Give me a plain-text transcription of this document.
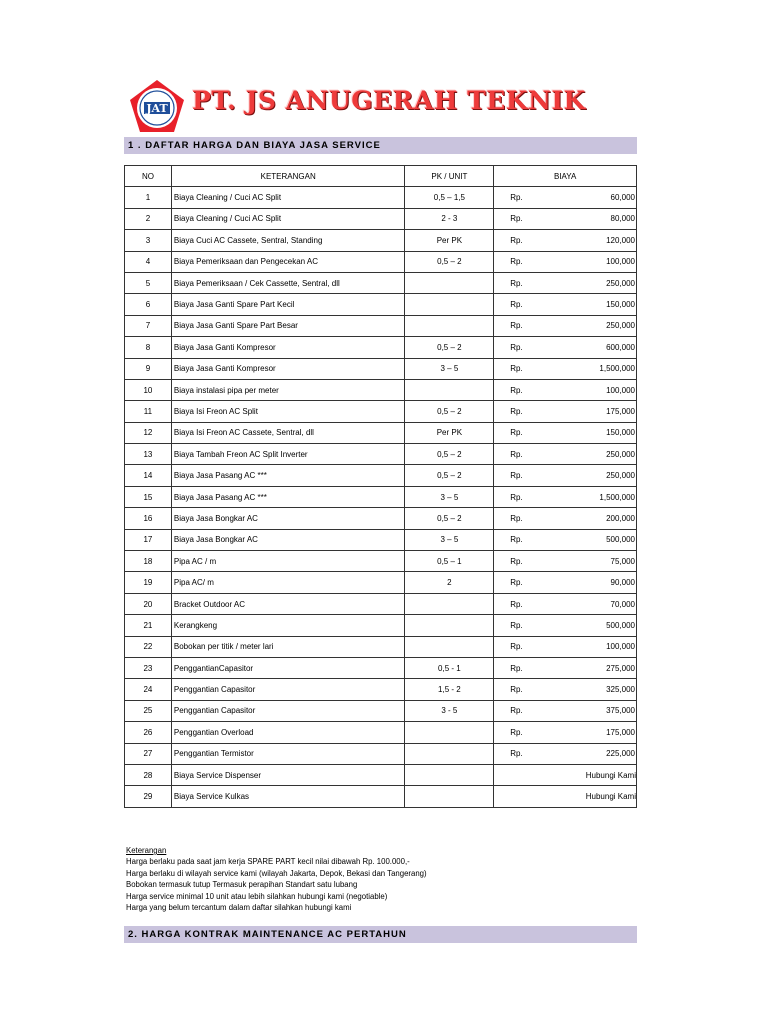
JAT PT. JS ANUGERAH TEKNIK
1 . DAFTAR HARGA DAN BIAYA JASA SERVICE
NO	KETERANGAN	PK / UNIT	BIAYA
1	Biaya Cleaning / Cuci AC Split	0,5 – 1,5	Rp. 60,000

2	Biaya Cleaning / Cuci AC Split	2 - 3	Rp. 80,000

3	Biaya Cuci AC Cassete, Sentral, Standing	Per PK	Rp. 120,000

4	Biaya Pemeriksaan dan Pengecekan AC	0,5 – 2	Rp. 100,000

5	Biaya Pemeriksaan / Cek Cassette, Sentral, dll		Rp. 250,000

6	Biaya Jasa Ganti Spare Part Kecil		Rp. 150,000

7	Biaya Jasa Ganti Spare Part Besar		Rp. 250,000

8	Biaya Jasa Ganti Kompresor	0,5 – 2	Rp. 600,000

9	Biaya Jasa Ganti Kompresor	3 – 5	Rp. 1,500,000

10	Biaya instalasi pipa per meter		Rp. 100,000

11	Biaya Isi Freon AC Split	0,5 – 2	Rp. 175,000

12	Biaya Isi Freon AC Cassete, Sentral, dll	Per PK	Rp. 150,000

13	Biaya Tambah Freon AC Split Inverter	0,5 – 2	Rp. 250,000

14	Biaya Jasa Pasang AC ***	0,5 – 2	Rp. 250,000

15	Biaya Jasa Pasang AC ***	3 – 5	Rp. 1,500,000

16	Biaya Jasa Bongkar AC	0,5 – 2	Rp. 200,000

17	Biaya Jasa Bongkar AC	3 – 5	Rp. 500,000

18	Pipa AC / m	0,5 – 1	Rp. 75,000

19	Pipa AC/ m	2	Rp. 90,000

20	Bracket Outdoor AC		Rp. 70,000

21	Kerangkeng		Rp. 500,000

22	Bobokan per titik / meter lari		Rp. 100,000

23	PenggantianCapasitor	0,5 - 1	Rp. 275,000

24	Penggantian Capasitor	1,5 - 2	Rp. 325,000

25	Penggantian Capasitor	3 - 5	Rp. 375,000

26	Penggantian Overload		Rp. 175,000

27	Penggantian Termistor		Rp. 225,000

28	Biaya Service Dispenser		Hubungi Kami

29	Biaya Service Kulkas		Hubungi Kami
Keterangan
Harga berlaku pada saat jam kerja SPARE PART kecil nilai dibawah Rp. 100.000,-
Harga berlaku di wilayah service kami (wilayah Jakarta, Depok, Bekasi dan Tangerang)
Bobokan termasuk tutup Termasuk perapihan Standart satu lubang
Harga service minimal 10 unit atau lebih silahkan hubungi kami (negotiable)
Harga yang belum tercantum dalam daftar silahkan hubungi kami
2. HARGA KONTRAK MAINTENANCE AC PERTAHUN
